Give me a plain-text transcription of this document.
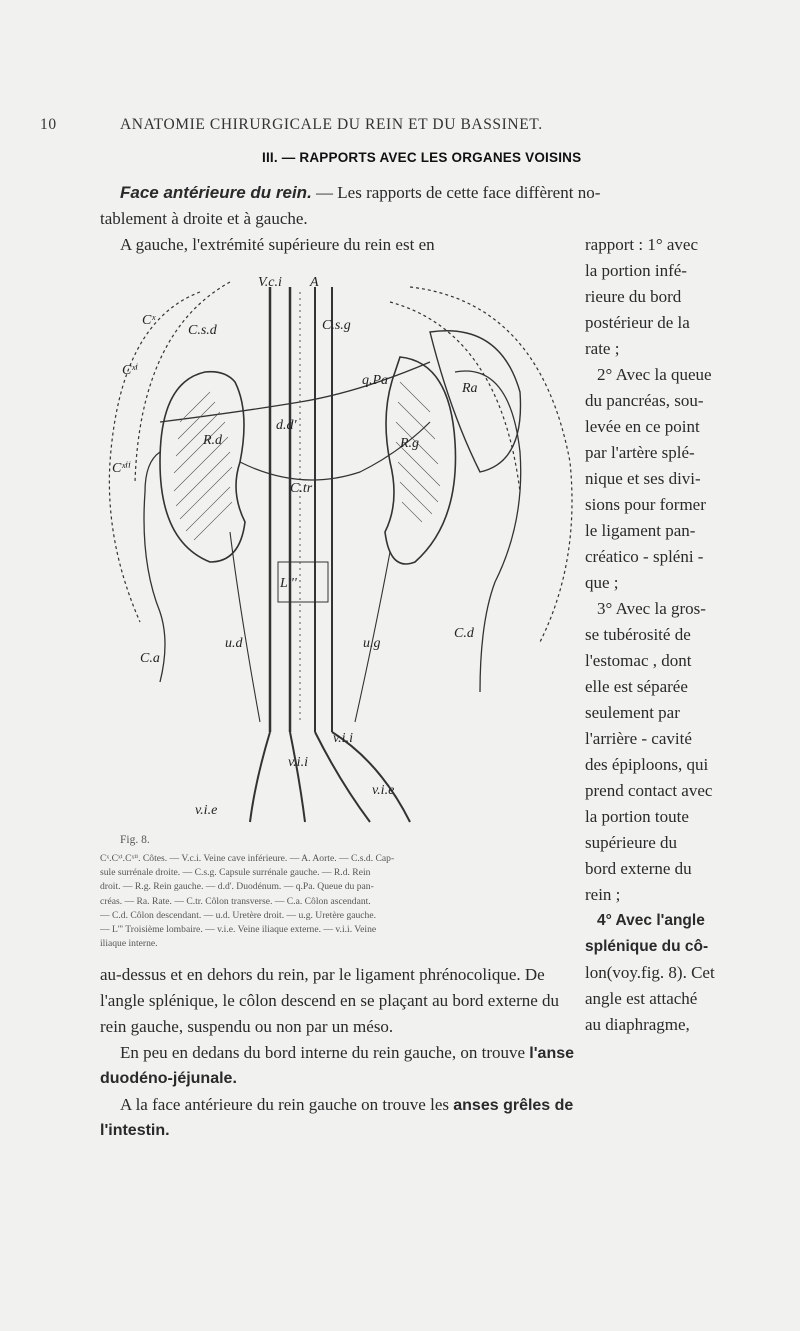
10	ANATOMIE CHIRURGICALE DU REIN ET DU BASSINET.
III. — RAPPORTS AVEC LES ORGANES VOISINS
Face antérieure du rein. — Les rapports de cette face diffèrent no-
tablement à droite et à gauche.
A gauche, l'extrémité supérieure du rein est en	rapport : 1° avec
la portion infé-
rieure du bord
postérieur de la
rate ;
2° Avec la queue
du pancréas, sou-
levée en ce point
par l'artère splé-
nique et ses divi-
sions pour former
le ligament pan-
créatico - spléni -
que ;
3° Avec la gros-
se tubérosité de
l'estomac , dont
elle est séparée
seulement par
l'arrière - cavité
des épiploons, qui
prend contact avec
la portion toute
supérieure du
bord externe du
rein ;
4° Avec l'angle
splénique du cô-
lon(voy.fig. 8). Cet
angle est attaché
au diaphragme,
V.c.i A
Cˣ
C.s.d	C.s.g
Ra
q.Pa
R.d	R.g
d.d'
C.tr
L'''
u.d	u.g
C.d
C.a
v.i.e
v.i.i
v.i.i
v.i.e
Cˣⁱ
Cˣⁱⁱ
Fig. 8.
Cˣ.Cˣⁱ.Cˣⁱⁱ. Côtes. — V.c.i. Veine cave inférieure. — A. Aorte. — C.s.d. Cap-
sule surrénale droite. — C.s.g. Capsule surrénale gauche. — R.d. Rein
droit. — R.g. Rein gauche. — d.d'. Duodénum. — q.Pa. Queue du pan-
créas. — Ra. Rate. — C.tr. Côlon transverse. — C.a. Côlon ascendant.
— C.d. Côlon descendant. — u.d. Uretère droit. — u.g. Uretère gauche.
— L''' Troisième lombaire. — v.i.e. Veine iliaque externe. — v.i.i. Veine
iliaque interne.
au-dessus et en dehors du rein, par le ligament phrénocolique. De
l'angle splénique, le côlon descend en se plaçant au bord externe du
rein gauche, suspendu ou non par un méso.
En peu en dedans du bord interne du rein gauche, on trouve l'anse
duodéno-jéjunale.
A la face antérieure du rein gauche on trouve les anses grêles de
l'intestin.
